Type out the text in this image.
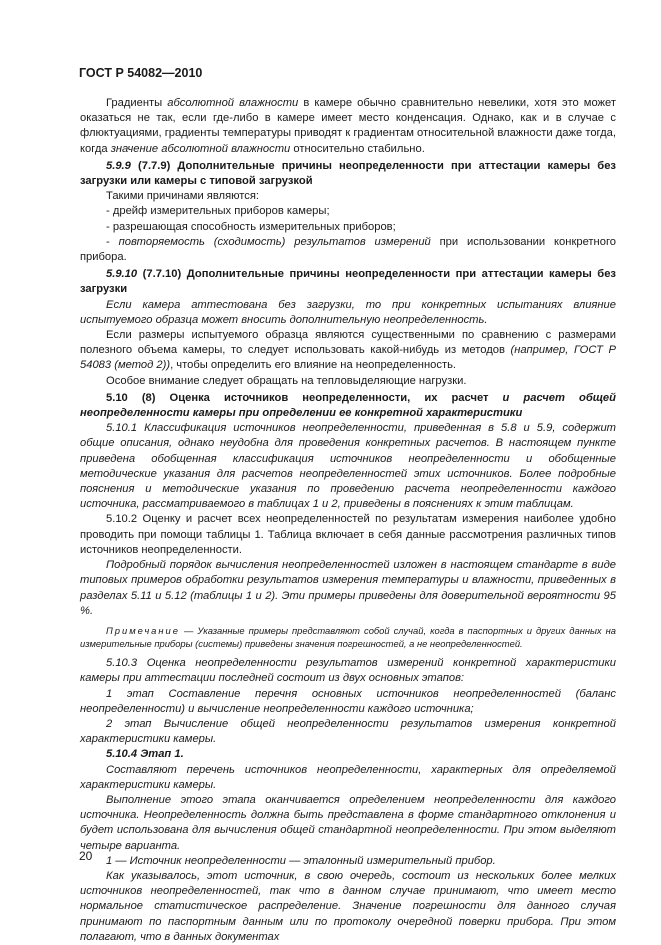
ГОСТ Р 54082—2010

Градиенты абсолютной влажности в камере обычно сравнительно невелики, хотя это может оказаться не так, если где-либо в камере имеет место конденсация. Однако, как и в случае с флюктуациями, градиенты температуры приводят к градиентам относительной влажности даже тогда, когда значение абсолютной влажности относительно стабильно.

5.9.9 (7.7.9) Дополнительные причины неопределенности при аттестации камеры без загрузки или камеры с типовой загрузкой

Такими причинами являются:

- дрейф измерительных приборов камеры;

- разрешающая способность измерительных приборов;

- повторяемость (сходимость) результатов измерений при использовании конкретного прибора.

5.9.10 (7.7.10) Дополнительные причины неопределенности при аттестации камеры без загрузки

Если камера аттестована без загрузки, то при конкретных испытаниях влияние испытуемого образца может вносить дополнительную неопределенность.

Если размеры испытуемого образца являются существенными по сравнению с размерами полезного объема камеры, то следует использовать какой-нибудь из методов (например, ГОСТ Р 54083 (метод 2)), чтобы определить его влияние на неопределенность.

Особое внимание следует обращать на тепловыделяющие нагрузки.

5.10 (8) Оценка источников неопределенности, их расчет и расчет общей неопределенности камеры при определении ее конкретной характеристики

5.10.1 Классификация источников неопределенности, приведенная в 5.8 и 5.9, содержит общие описания, однако неудобна для проведения конкретных расчетов. В настоящем пункте приведена обобщенная классификация источников неопределенности и обобщенные методические указания для расчетов неопределенностей этих источников. Более подробные пояснения и методические указания по проведению расчета неопределенности каждого источника, рассматриваемого в таблицах 1 и 2, приведены в пояснениях к этим таблицам.

5.10.2 Оценку и расчет всех неопределенностей по результатам измерения наиболее удобно проводить при помощи таблицы 1. Таблица включает в себя данные рассмотрения различных типов источников неопределенности.

Подробный порядок вычисления неопределенностей изложен в настоящем стандарте в виде типовых примеров обработки результатов измерения температуры и влажности, приведенных в разделах 5.11 и 5.12 (таблицы 1 и 2). Эти примеры приведены для доверительной вероятности 95 %.

Примечание — Указанные примеры представляют собой случай, когда в паспортных и других данных на измерительные приборы (системы) приведены значения погрешностей, а не неопределенностей.

5.10.3 Оценка неопределенности результатов измерений конкретной характеристики камеры при аттестации последней состоит из двух основных этапов:

1 этап Составление перечня основных источников неопределенностей (баланс неопределенности) и вычисление неопределенности каждого источника;

2 этап Вычисление общей неопределенности результатов измерения конкретной характеристики камеры.

5.10.4 Этап 1.

Составляют перечень источников неопределенности, характерных для определяемой характеристики камеры.

Выполнение этого этапа оканчивается определением неопределенности для каждого источника. Неопределенность должна быть представлена в форме стандартного отклонения и будет использована для вычисления общей стандартной неопределенности. При этом выделяют четыре варианта.

1 — Источник неопределенности — эталонный измерительный прибор.

Как указывалось, этот источник, в свою очередь, состоит из нескольких более мелких источников неопределенностей, так что в данном случае принимают, что имеет место нормальное статистическое распределение. Значение погрешности для данного случая принимают по паспортным данным или по протоколу очередной поверки прибора. При этом полагают, что в данных документах

20
